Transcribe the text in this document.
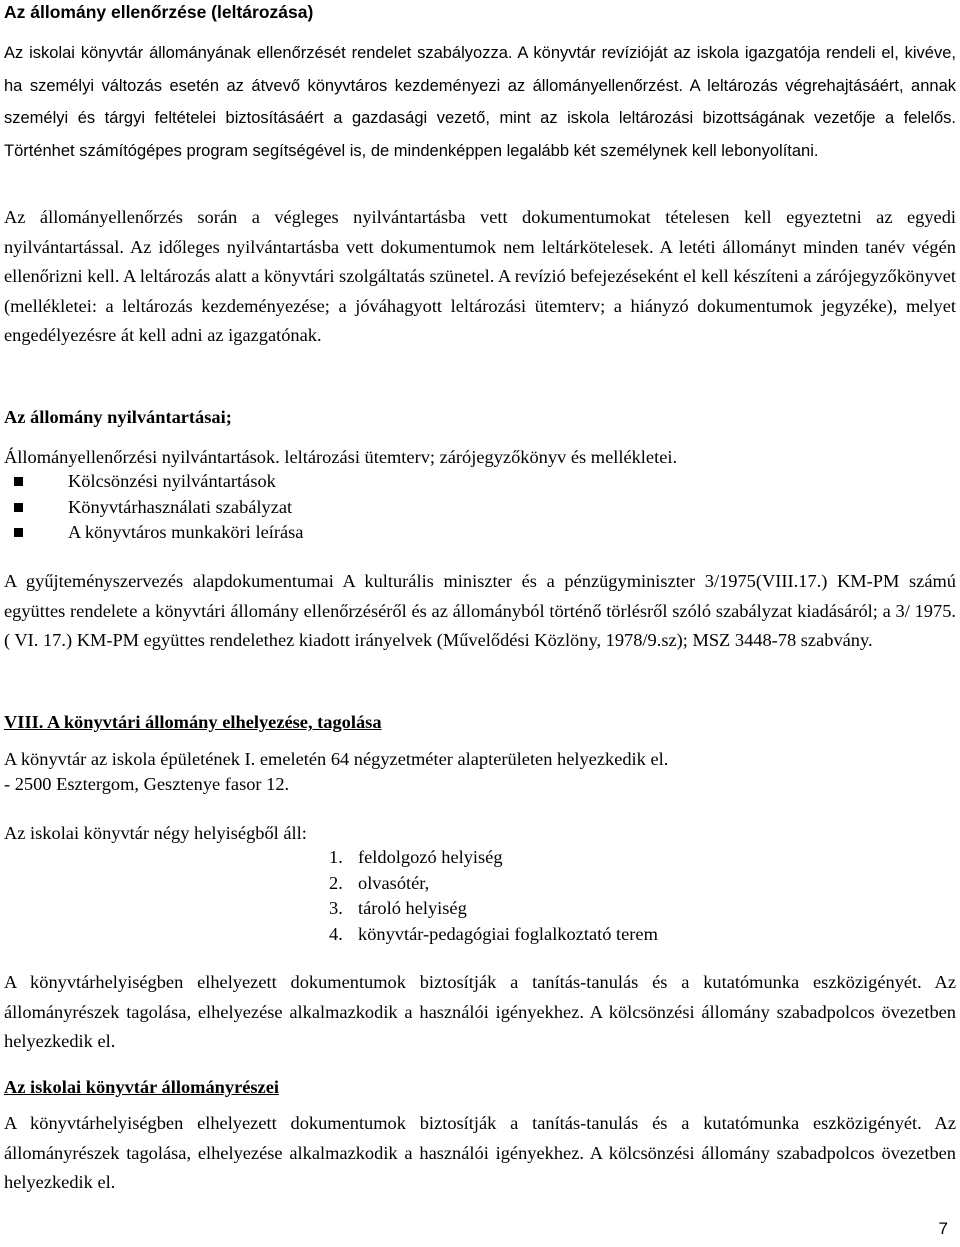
Az állomány ellenőrzése (leltározása)

Az iskolai könyvtár állományának ellenőrzését rendelet szabályozza. A könyvtár revízióját az iskola igazgatója rendeli el, kivéve, ha személyi változás esetén az átvevő könyvtáros kezdeményezi az állományellenőrzést. A leltározás végrehajtásáért, annak személyi és tárgyi feltételei biztosításáért a gazdasági vezető, mint az iskola leltározási bizottságának vezetője a felelős. Történhet számítógépes program segítségével is, de mindenképpen legalább két személynek kell lebonyolítani.

Az állományellenőrzés során a végleges nyilvántartásba vett dokumentumokat tételesen kell egyeztetni az egyedi nyilvántartással. Az időleges nyilvántartásba vett dokumentumok nem leltárkötelesek. A letéti állományt minden tanév végén ellenőrizni kell. A leltározás alatt a könyvtári szolgáltatás szünetel. A revízió befejezéseként el kell készíteni a zárójegyzőkönyvet (mellékletei: a leltározás kezdeményezése; a jóváhagyott leltározási ütemterv; a hiányzó dokumentumok jegyzéke), melyet engedélyezésre át kell adni az igazgatónak.

Az állomány nyilvántartásai;
Állományellenőrzési nyilvántartások. leltározási ütemterv; zárójegyzőkönyv és mellékletei.
Kölcsönzési nyilvántartások
Könyvtárhasználati szabályzat
A könyvtáros munkaköri leírása

A gyűjteményszervezés alapdokumentumai A kulturális miniszter és a pénzügyminiszter 3/1975(VIII.17.) KM-PM számú együttes rendelete a könyvtári állomány ellenőrzéséről és az állományból történő törlésről szóló szabályzat kiadásáról; a 3/ 1975.( VI. 17.) KM-PM együttes rendelethez kiadott irányelvek (Művelődési Közlöny, 1978/9.sz); MSZ 3448-78 szabvány.

VIII. A könyvtári állomány elhelyezése, tagolása
A könyvtár az iskola épületének I. emeletén 64 négyzetméter alapterületen helyezkedik el.
- 2500 Esztergom, Gesztenye fasor 12.
Az iskolai könyvtár négy helyiségből áll:
1. feldolgozó helyiség
2. olvasótér,
3. tároló helyiség
4. könyvtár-pedagógiai foglalkoztató terem

A könyvtárhelyiségben elhelyezett dokumentumok biztosítják a tanítás-tanulás és a kutatómunka eszközigényét. Az állományrészek tagolása, elhelyezése alkalmazkodik a használói igényekhez. A kölcsönzési állomány szabadpolcos övezetben helyezkedik el.

Az iskolai könyvtár állományrészei

A könyvtárhelyiségben elhelyezett dokumentumok biztosítják a tanítás-tanulás és a kutatómunka eszközigényét. Az állományrészek tagolása, elhelyezése alkalmazkodik a használói igényekhez. A kölcsönzési állomány szabadpolcos övezetben helyezkedik el.

7
